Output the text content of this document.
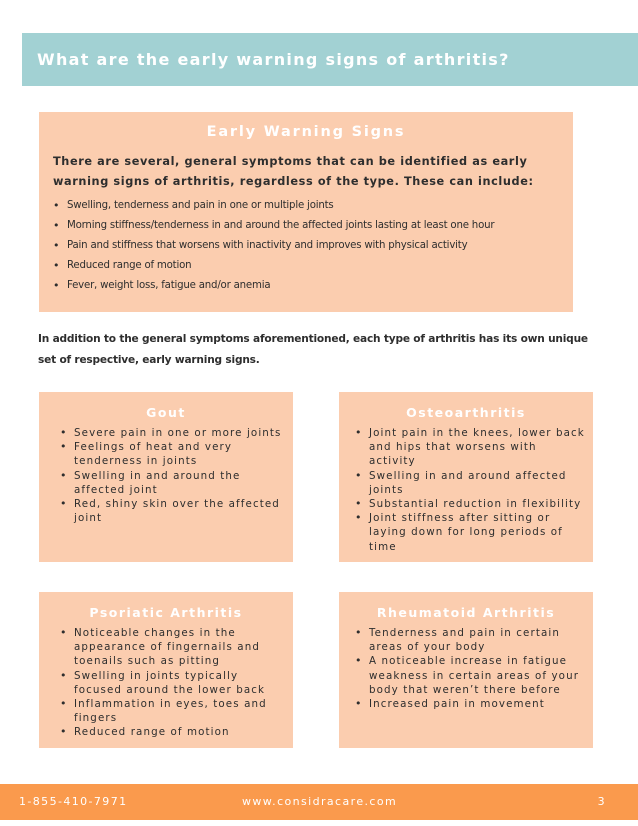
What are the early warning signs of arthritis?
Early Warning Signs

There are several, general symptoms that can be identified as early warning signs of arthritis, regardless of the type. These can include:

• Swelling, tenderness and pain in one or multiple joints
• Morning stiffness/tenderness in and around the affected joints lasting at least one hour
• Pain and stiffness that worsens with inactivity and improves with physical activity
• Reduced range of motion
• Fever, weight loss, fatigue and/or anemia

In addition to the general symptoms aforementioned, each type of arthritis has its own unique set of respective, early warning signs.

Gout
• Severe pain in one or more joints
• Feelings of heat and very tenderness in joints
• Swelling in and around the affected joint
• Red, shiny skin over the affected joint
Osteoarthritis
• Joint pain in the knees, lower back and hips that worsens with activity
• Swelling in and around affected joints
• Substantial reduction in flexibility
• Joint stiffness after sitting or laying down for long periods of time
Psoriatic Arthritis
• Noticeable changes in the appearance of fingernails and toenails such as pitting
• Swelling in joints typically focused around the lower back
• Inflammation in eyes, toes and fingers
• Reduced range of motion
Rheumatoid Arthritis
• Tenderness and pain in certain areas of your body
• A noticeable increase in fatigue weakness in certain areas of your body that weren’t there before
• Increased pain in movement
1-855-410-7971	www.considracare.com	3
